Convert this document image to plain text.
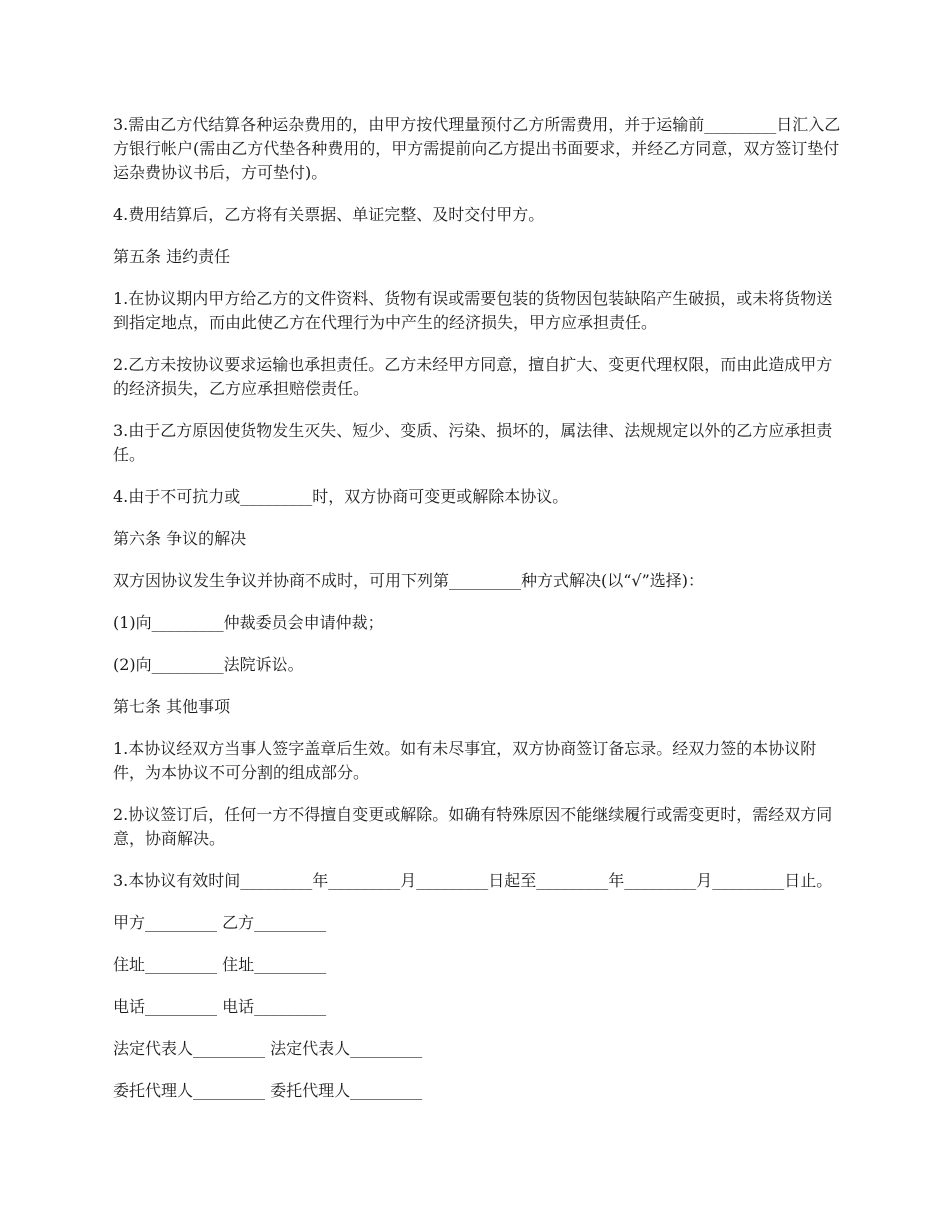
3.需由乙方代结算各种运杂费用的，由甲方按代理量预付乙方所需费用，并于运输前_________日汇入乙方银行帐户(需由乙方代垫各种费用的，甲方需提前向乙方提出书面要求，并经乙方同意，双方签订垫付运杂费协议书后，方可垫付)。

4.费用结算后，乙方将有关票据、单证完整、及时交付甲方。

第五条 违约责任

1.在协议期内甲方给乙方的文件资料、货物有误或需要包装的货物因包装缺陷产生破损，或未将货物送到指定地点，而由此使乙方在代理行为中产生的经济损失，甲方应承担责任。

2.乙方未按协议要求运输也承担责任。乙方未经甲方同意，擅自扩大、变更代理权限，而由此造成甲方的经济损失，乙方应承担赔偿责任。

3.由于乙方原因使货物发生灭失、短少、变质、污染、损坏的，属法律、法规规定以外的乙方应承担责任。

4.由于不可抗力或_________时，双方协商可变更或解除本协议。

第六条 争议的解决

双方因协议发生争议并协商不成时，可用下列第_________种方式解决(以“√”选择)：

(1)向_________仲裁委员会申请仲裁；

(2)向_________法院诉讼。

第七条 其他事项

1.本协议经双方当事人签字盖章后生效。如有未尽事宜，双方协商签订备忘录。经双力签的本协议附件，为本协议不可分割的组成部分。

2.协议签订后，任何一方不得擅自变更或解除。如确有特殊原因不能继续履行或需变更时，需经双方同意，协商解决。

3.本协议有效时间_________年_________月_________日起至_________年_________月_________日止。

甲方_________ 乙方_________

住址_________ 住址_________

电话_________ 电话_________

法定代表人_________ 法定代表人_________

委托代理人_________ 委托代理人_________
